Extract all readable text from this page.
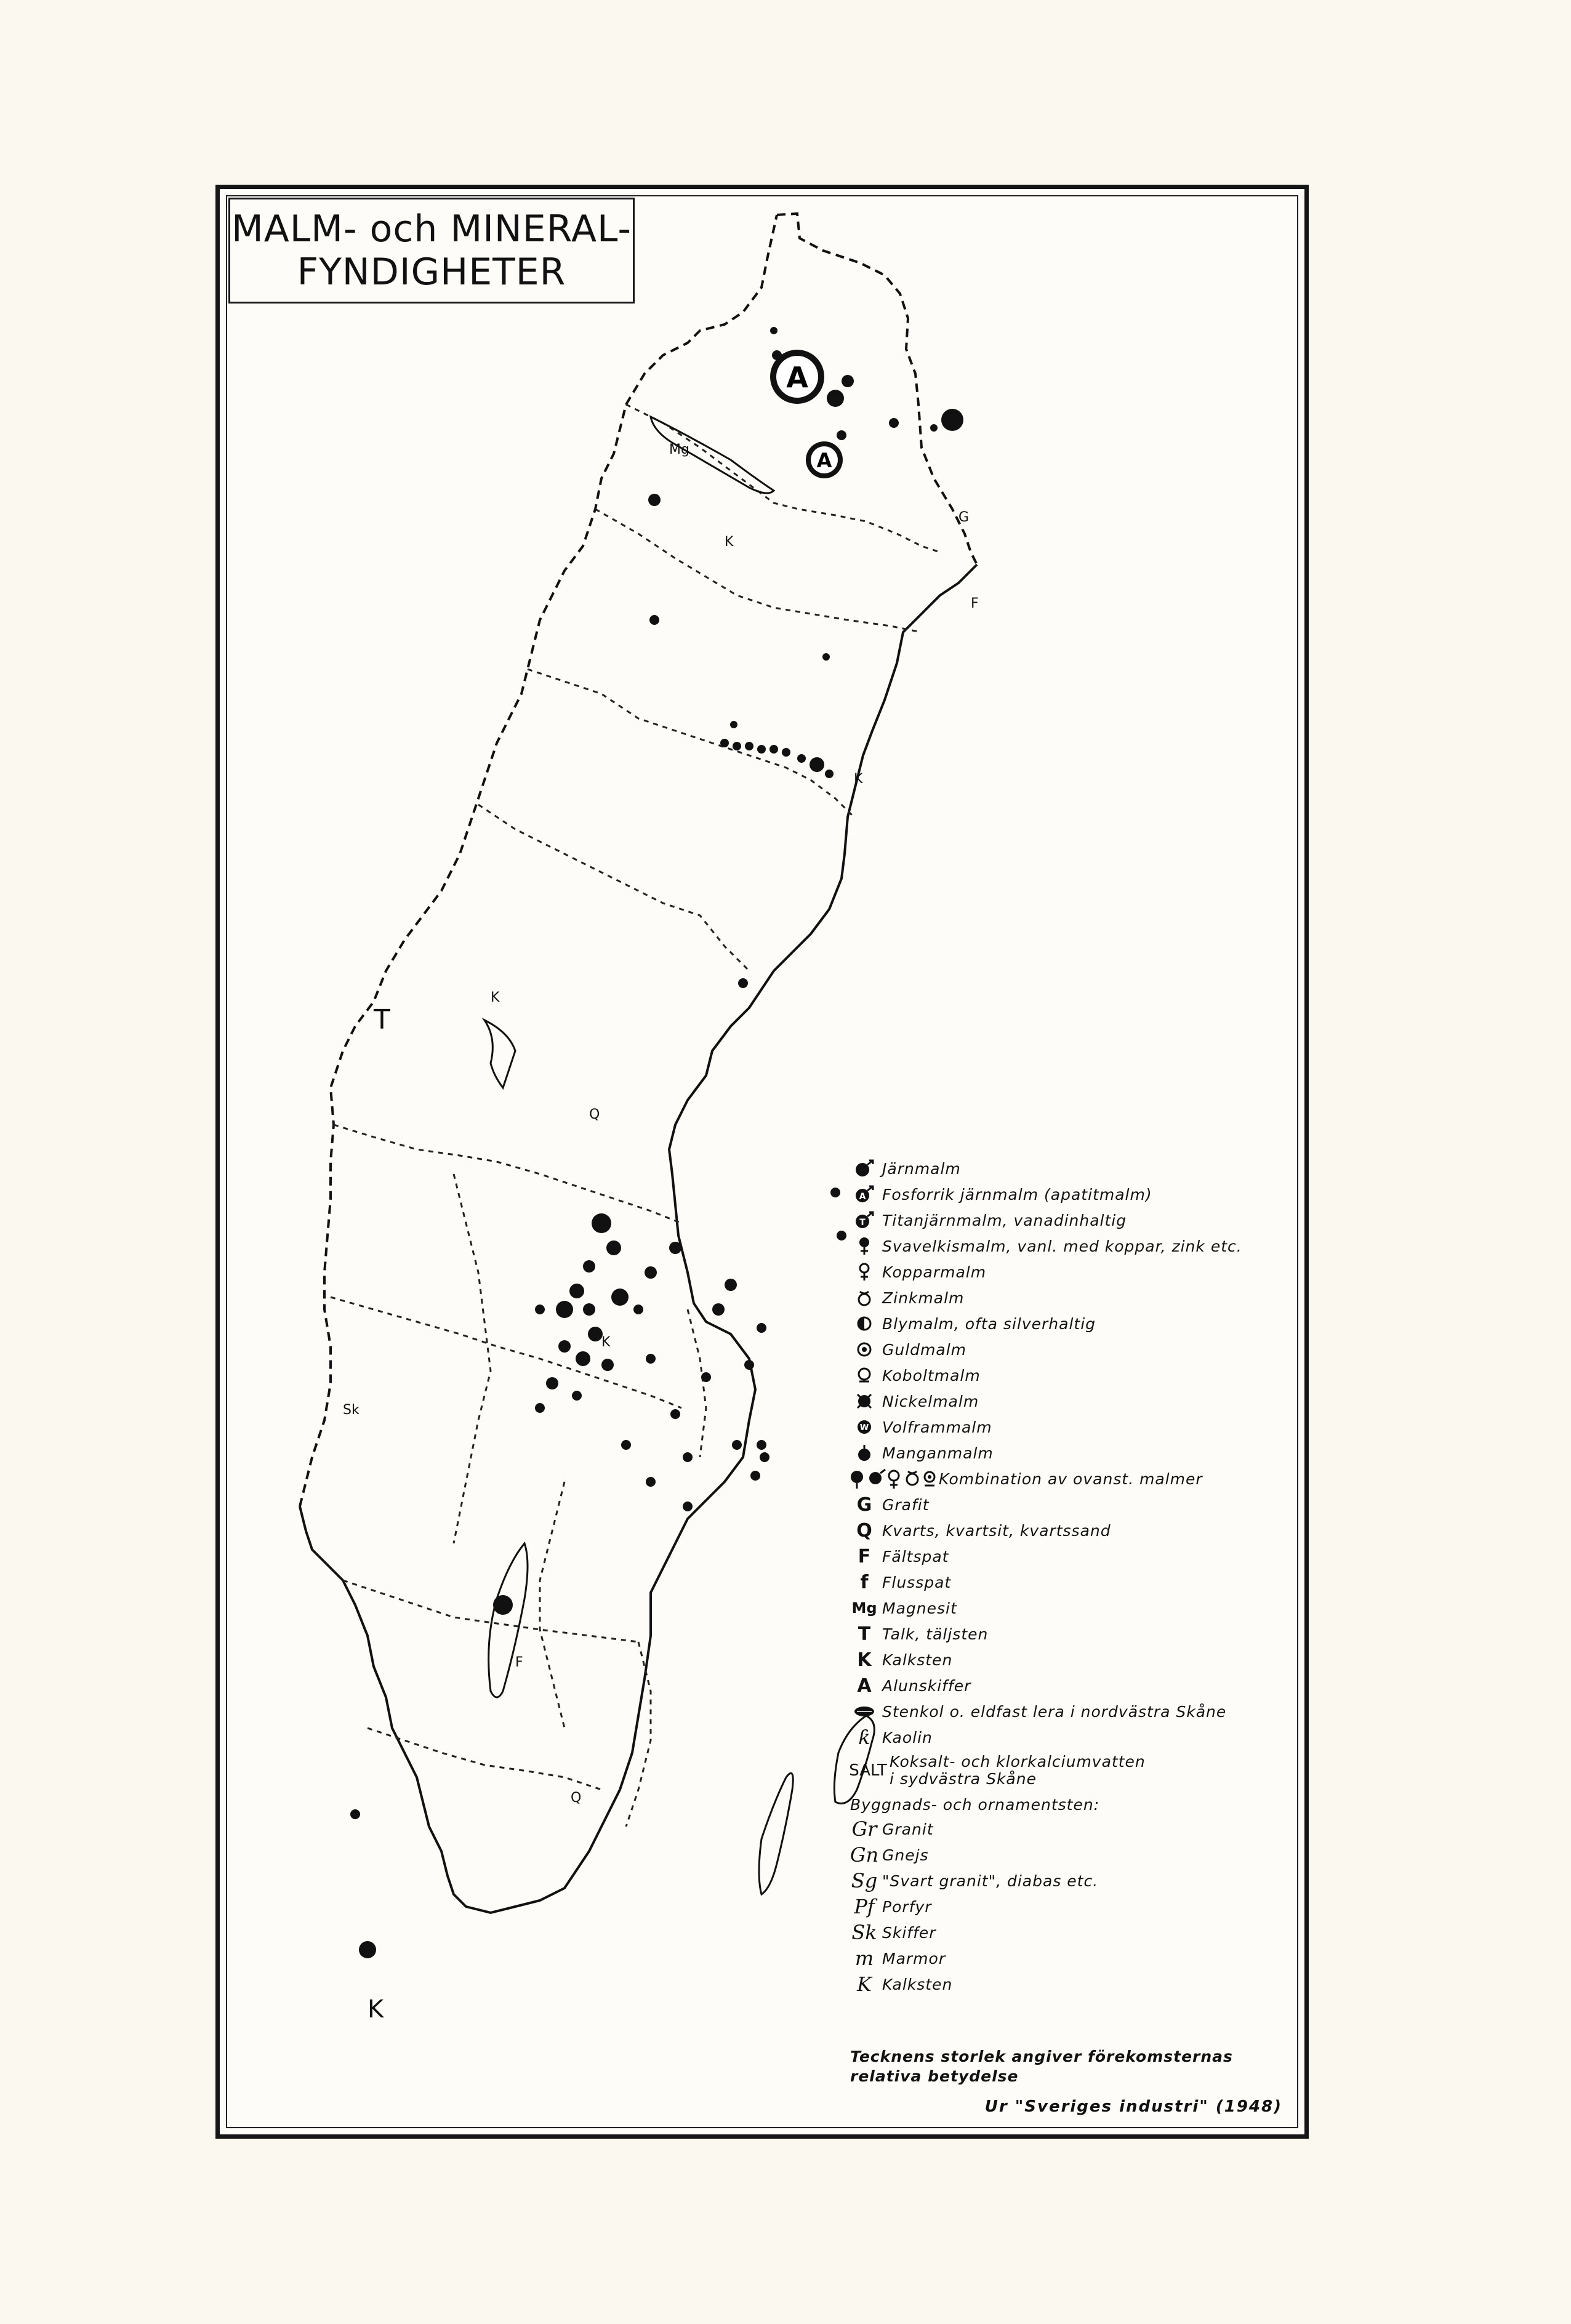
A
A
Mg
T
K
Q
Sk
G
F
K
K
K
F
Q
K
MALM- och MINERAL-
FYNDIGHETER
Järnmalm
A Fosforrik järnmalm (apatitmalm)
T Titanjärnmalm, vanadinhaltig
Svavelkismalm, vanl. med koppar, zink etc.
Kopparmalm
Zinkmalm
Blymalm, ofta silverhaltig
Guldmalm
Koboltmalm
Nickelmalm
W Volframmalm
Manganmalm
Kombination av ovanst. malmer
G Grafit
Q Kvarts, kvartsit, kvartssand
F Fältspat
f Flusspat
Mg Magnesit
T Talk, täljsten
K Kalksten
A Alunskiffer
Stenkol o. eldfast lera i nordvästra Skåne
ƙ Kaolin
SALT Koksalt- och klorkalciumvatten
i sydvästra Skåne
Byggnads- och ornamentsten:
Gr Granit
Gn Gnejs
Sg "Svart granit", diabas etc.
Pf Porfyr
Sk Skiffer
m Marmor
K Kalksten
Tecknens storlek angiver förekomsternas
relativa betydelse
Ur "Sveriges industri" (1948)
